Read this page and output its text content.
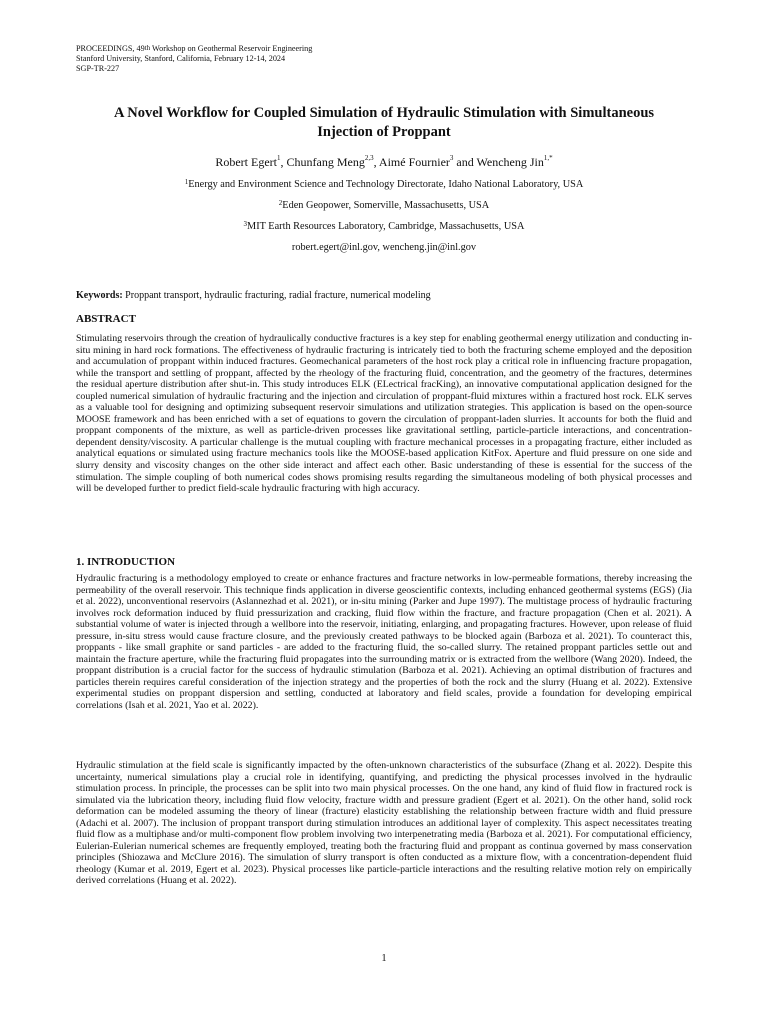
PROCEEDINGS, 49th Workshop on Geothermal Reservoir Engineering
Stanford University, Stanford, California, February 12-14, 2024
SGP-TR-227
A Novel Workflow for Coupled Simulation of Hydraulic Stimulation with Simultaneous Injection of Proppant
Robert Egert$^1$, Chunfang Meng$^{2,3}$, Aimé Fournier$^3$ and Wencheng Jin$^{1,*}$
$^1$Energy and Environment Science and Technology Directorate, Idaho National Laboratory, USA
$^2$Eden Geopower, Somerville, Massachusetts, USA
$^3$MIT Earth Resources Laboratory, Cambridge, Massachusetts, USA
robert.egert@inl.gov, wencheng.jin@inl.gov
Keywords: Proppant transport, hydraulic fracturing, radial fracture, numerical modeling
ABSTRACT
Stimulating reservoirs through the creation of hydraulically conductive fractures is a key step for enabling geothermal energy utilization and conducting in-situ mining in hard rock formations. The effectiveness of hydraulic fracturing is intricately tied to both the fracturing scheme employed and the deposition and accumulation of proppant within induced fractures. Geomechanical parameters of the host rock play a critical role in influencing fracture propagation, while the transport and settling of proppant, affected by the rheology of the fracturing fluid, concentration, and the geometry of the fractures, determines the residual aperture distribution after shut-in. This study introduces ELK (ELectrical fracKing), an innovative computational application designed for the coupled numerical simulation of hydraulic fracturing and the injection and circulation of proppant-fluid mixtures within a fractured host rock. ELK serves as a valuable tool for designing and optimizing subsequent reservoir simulations and utilization strategies. This application is based on the open-source MOOSE framework and has been enriched with a set of equations to govern the circulation of proppant-laden slurries. It accounts for both the fluid and proppant components of the mixture, as well as particle-driven processes like gravitational settling, particle-particle interactions, and concentration-dependent density/viscosity. A particular challenge is the mutual coupling with fracture mechanical processes in a propagating fracture, either included as analytical equations or simulated using fracture mechanics tools like the MOOSE-based application KitFox. Aperture and fluid pressure on one side and slurry density and viscosity changes on the other side interact and affect each other. Basic understanding of these is essential for the success of the stimulation. The simple coupling of both numerical codes shows promising results regarding the simultaneous modeling of both physical processes and will be developed further to predict field-scale hydraulic fracturing with high accuracy.
1. INTRODUCTION
Hydraulic fracturing is a methodology employed to create or enhance fractures and fracture networks in low-permeable formations, thereby increasing the permeability of the overall reservoir. This technique finds application in diverse geoscientific contexts, including enhanced geothermal systems (EGS) (Jia et al. 2022), unconventional reservoirs (Aslannezhad et al. 2021), or in-situ mining (Parker and Jupe 1997). The multistage process of hydraulic fracturing involves rock deformation induced by fluid pressurization and cracking, fluid flow within the fracture, and fracture propagation (Chen et al. 2021). A substantial volume of water is injected through a wellbore into the reservoir, initiating, enlarging, and propagating fractures. However, upon release of fluid pressure, in-situ stress would cause fracture closure, and the previously created pathways to be blocked again (Barboza et al. 2021). To counteract this, proppants - like small graphite or sand particles - are added to the fracturing fluid, the so-called slurry. The retained proppant particles settle out and maintain the fracture aperture, while the fracturing fluid propagates into the surrounding matrix or is extracted from the wellbore (Wang 2020). Indeed, the proppant distribution is a crucial factor for the success of hydraulic stimulation (Barboza et al. 2021). Achieving an optimal distribution of fractures and particles therein requires careful consideration of the injection strategy and the properties of both the rock and the slurry (Huang et al. 2022). Extensive experimental studies on proppant dispersion and settling, conducted at laboratory and field scales, provide a foundation for developing empirical correlations (Isah et al. 2021, Yao et al. 2022).
Hydraulic stimulation at the field scale is significantly impacted by the often-unknown characteristics of the subsurface (Zhang et al. 2022). Despite this uncertainty, numerical simulations play a crucial role in identifying, quantifying, and predicting the physical processes involved in the hydraulic stimulation process. In principle, the processes can be split into two main physical processes. On the one hand, any kind of fluid flow in fractured rock is simulated via the lubrication theory, including fluid flow velocity, fracture width and pressure gradient (Egert et al. 2021). On the other hand, solid rock deformation can be modeled assuming the theory of linear (fracture) elasticity establishing the relationship between fracture width and fluid pressure (Adachi et al. 2007). The inclusion of proppant transport during stimulation introduces an additional layer of complexity. This aspect necessitates treating fluid flow as a multiphase and/or multi-component flow problem involving two interpenetrating media (Barboza et al. 2021). For computational efficiency, Eulerian-Eulerian numerical schemes are frequently employed, treating both the fracturing fluid and proppant as continua governed by mass conservation principles (Shiozawa and McClure 2016). The simulation of slurry transport is often conducted as a mixture flow, with a concentration-dependent fluid rheology (Kumar et al. 2019, Egert et al. 2023). Physical processes like particle-particle interactions and the resulting relative motion rely on empirically derived correlations (Huang et al. 2022).
1
